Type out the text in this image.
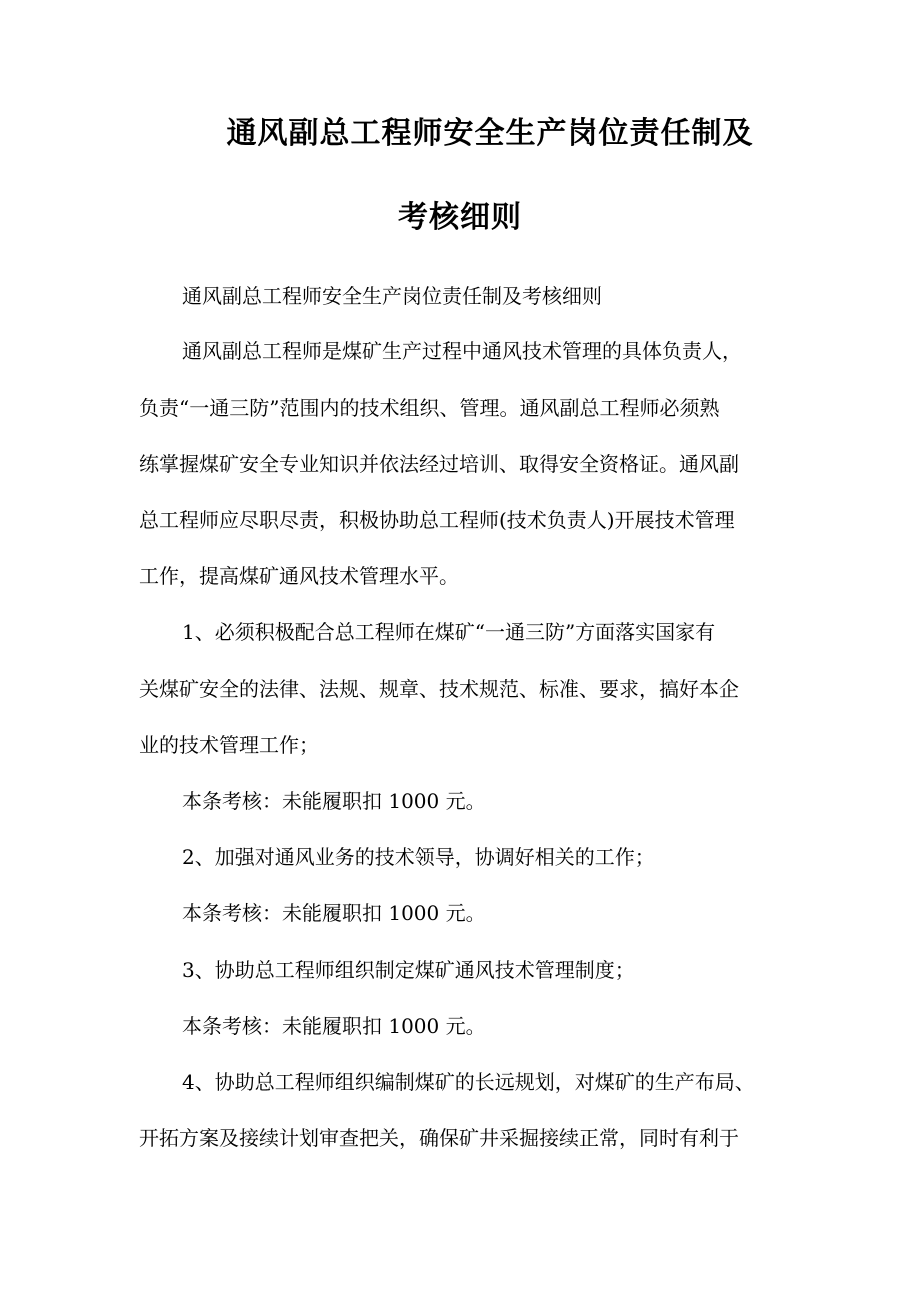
通风副总工程师安全生产岗位责任制及
考核细则
通风副总工程师安全生产岗位责任制及考核细则
通风副总工程师是煤矿生产过程中通风技术管理的具体负责人，
负责“一通三防”范围内的技术组织、管理。通风副总工程师必须熟
练掌握煤矿安全专业知识并依法经过培训、取得安全资格证。通风副
总工程师应尽职尽责，积极协助总工程师(技术负责人)开展技术管理
工作，提高煤矿通风技术管理水平。
1、必须积极配合总工程师在煤矿“一通三防”方面落实国家有
关煤矿安全的法律、法规、规章、技术规范、标准、要求，搞好本企
业的技术管理工作；
本条考核：未能履职扣 1000 元。
2、加强对通风业务的技术领导，协调好相关的工作；
本条考核：未能履职扣 1000 元。
3、协助总工程师组织制定煤矿通风技术管理制度；
本条考核：未能履职扣 1000 元。
4、协助总工程师组织编制煤矿的长远规划，对煤矿的生产布局、
开拓方案及接续计划审查把关，确保矿井采掘接续正常，同时有利于
